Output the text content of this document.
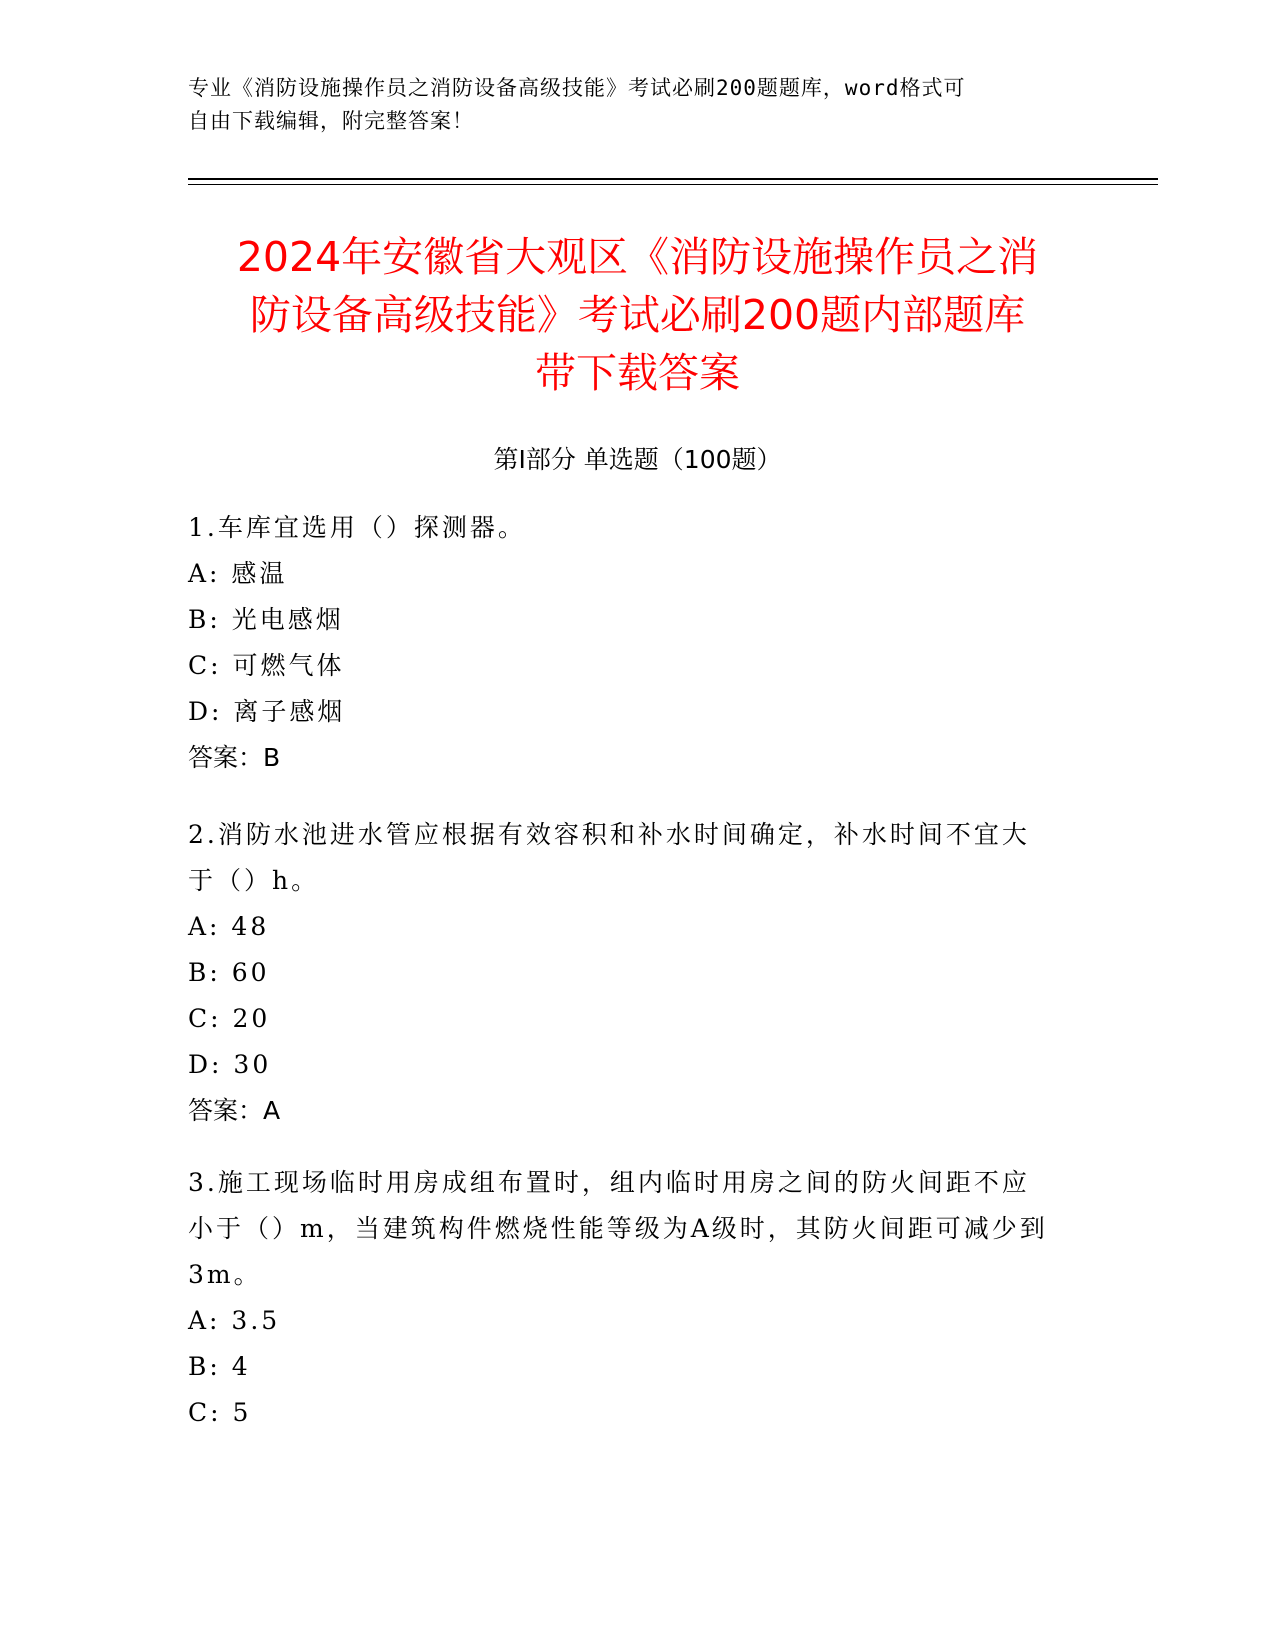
专业《消防设施操作员之消防设备高级技能》考试必刷200题题库，word格式可
自由下载编辑，附完整答案！
2024年安徽省大观区《消防设施操作员之消
防设备高级技能》考试必刷200题内部题库
带下载答案
第Ⅰ部分 单选题（100题）
1.车库宜选用（）探测器。
A: 感温
B: 光电感烟
C: 可燃气体
D: 离子感烟
答案：B
2.消防水池进水管应根据有效容积和补水时间确定，补水时间不宜大
于（）h。
A: 48
B: 60
C: 20
D: 30
答案：A
3.施工现场临时用房成组布置时，组内临时用房之间的防火间距不应
小于（）m，当建筑构件燃烧性能等级为A级时，其防火间距可减少到
3m。
A: 3.5
B: 4
C: 5
